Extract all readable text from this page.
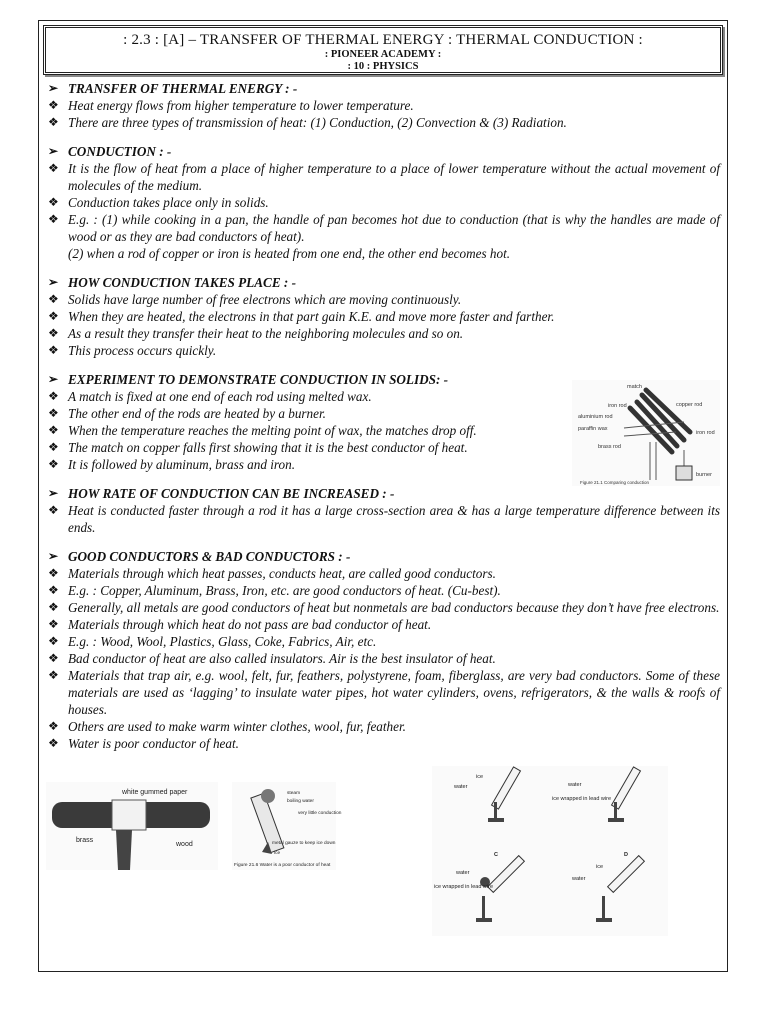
: 2.3 : [A] – TRANSFER OF THERMAL ENERGY : THERMAL CONDUCTION :
: PIONEER ACADEMY :
: 10 : PHYSICS
➢ TRANSFER OF THERMAL ENERGY : -
❖ Heat energy flows from higher temperature to lower temperature.
❖ There are three types of transmission of heat: (1) Conduction, (2) Convection & (3) Radiation.
➢ CONDUCTION : -
❖ It is the flow of heat from a place of higher temperature to a place of lower temperature without the actual movement of molecules of the medium.
❖ Conduction takes place only in solids.
❖ E.g. : (1) while cooking in a pan, the handle of pan becomes hot due to conduction (that is why the handles are made of wood or as they are bad conductors of heat).
(2) when a rod of copper or iron is heated from one end, the other end becomes hot.
➢ HOW CONDUCTION TAKES PLACE : -
❖ Solids have large number of free electrons which are moving continuously.
❖ When they are heated, the electrons in that part gain K.E. and move more faster and farther.
❖ As a result they transfer their heat to the neighboring molecules and so on.
❖ This process occurs quickly.
➢ EXPERIMENT TO DEMONSTRATE CONDUCTION IN SOLIDS: -
❖ A match is fixed at one end of each rod using melted wax.
❖ The other end of the rods are heated by a burner.
❖ When the temperature reaches the melting point of wax, the matches drop off.
❖ The match on copper falls first showing that it is the best conductor of heat.
❖ It is followed by aluminum, brass and iron.
➢ HOW RATE OF CONDUCTION CAN BE INCREASED : -
❖ Heat is conducted faster through a rod it has a large cross-section area & has a large temperature difference between its ends.
➢ GOOD CONDUCTORS & BAD CONDUCTORS : -
❖ Materials through which heat passes, conducts heat, are called good conductors.
❖ E.g. : Copper, Aluminum, Brass, Iron, etc. are good conductors of heat. (Cu-best).
❖ Generally, all metals are good conductors of heat but nonmetals are bad conductors because they don’t have free electrons.
❖ Materials through which heat do not pass are bad conductor of heat.
❖ E.g. : Wood, Wool, Plastics, Glass, Coke, Fabrics, Air, etc.
❖ Bad conductor of heat are also called insulators. Air is the best insulator of heat.
❖ Materials that trap air, e.g. wool, felt, fur, feathers, polystyrene, foam, fiberglass, are very bad conductors. Some of these materials are used as ‘lagging’ to insulate water pipes, hot water cylinders, ovens, refrigerators, & the walls & roofs of houses.
❖ Others are used to make warm winter clothes, wool, fur, feather.
❖ Water is poor conductor of heat.
match
copper rod
iron rod
aluminium rod
paraffin wax
iron rod
brass rod
burner
Figure 21.1 Comparing conduction
white gummed paper
brass
wood
steam
boiling water
very little conduction
metal gauze to keep ice down
ice
Figure 21.6 Water is a poor conductor of heat
ice
water	water
ice wrapped in lead wire
C
water
ice wrapped in lead wire
D
ice
water
